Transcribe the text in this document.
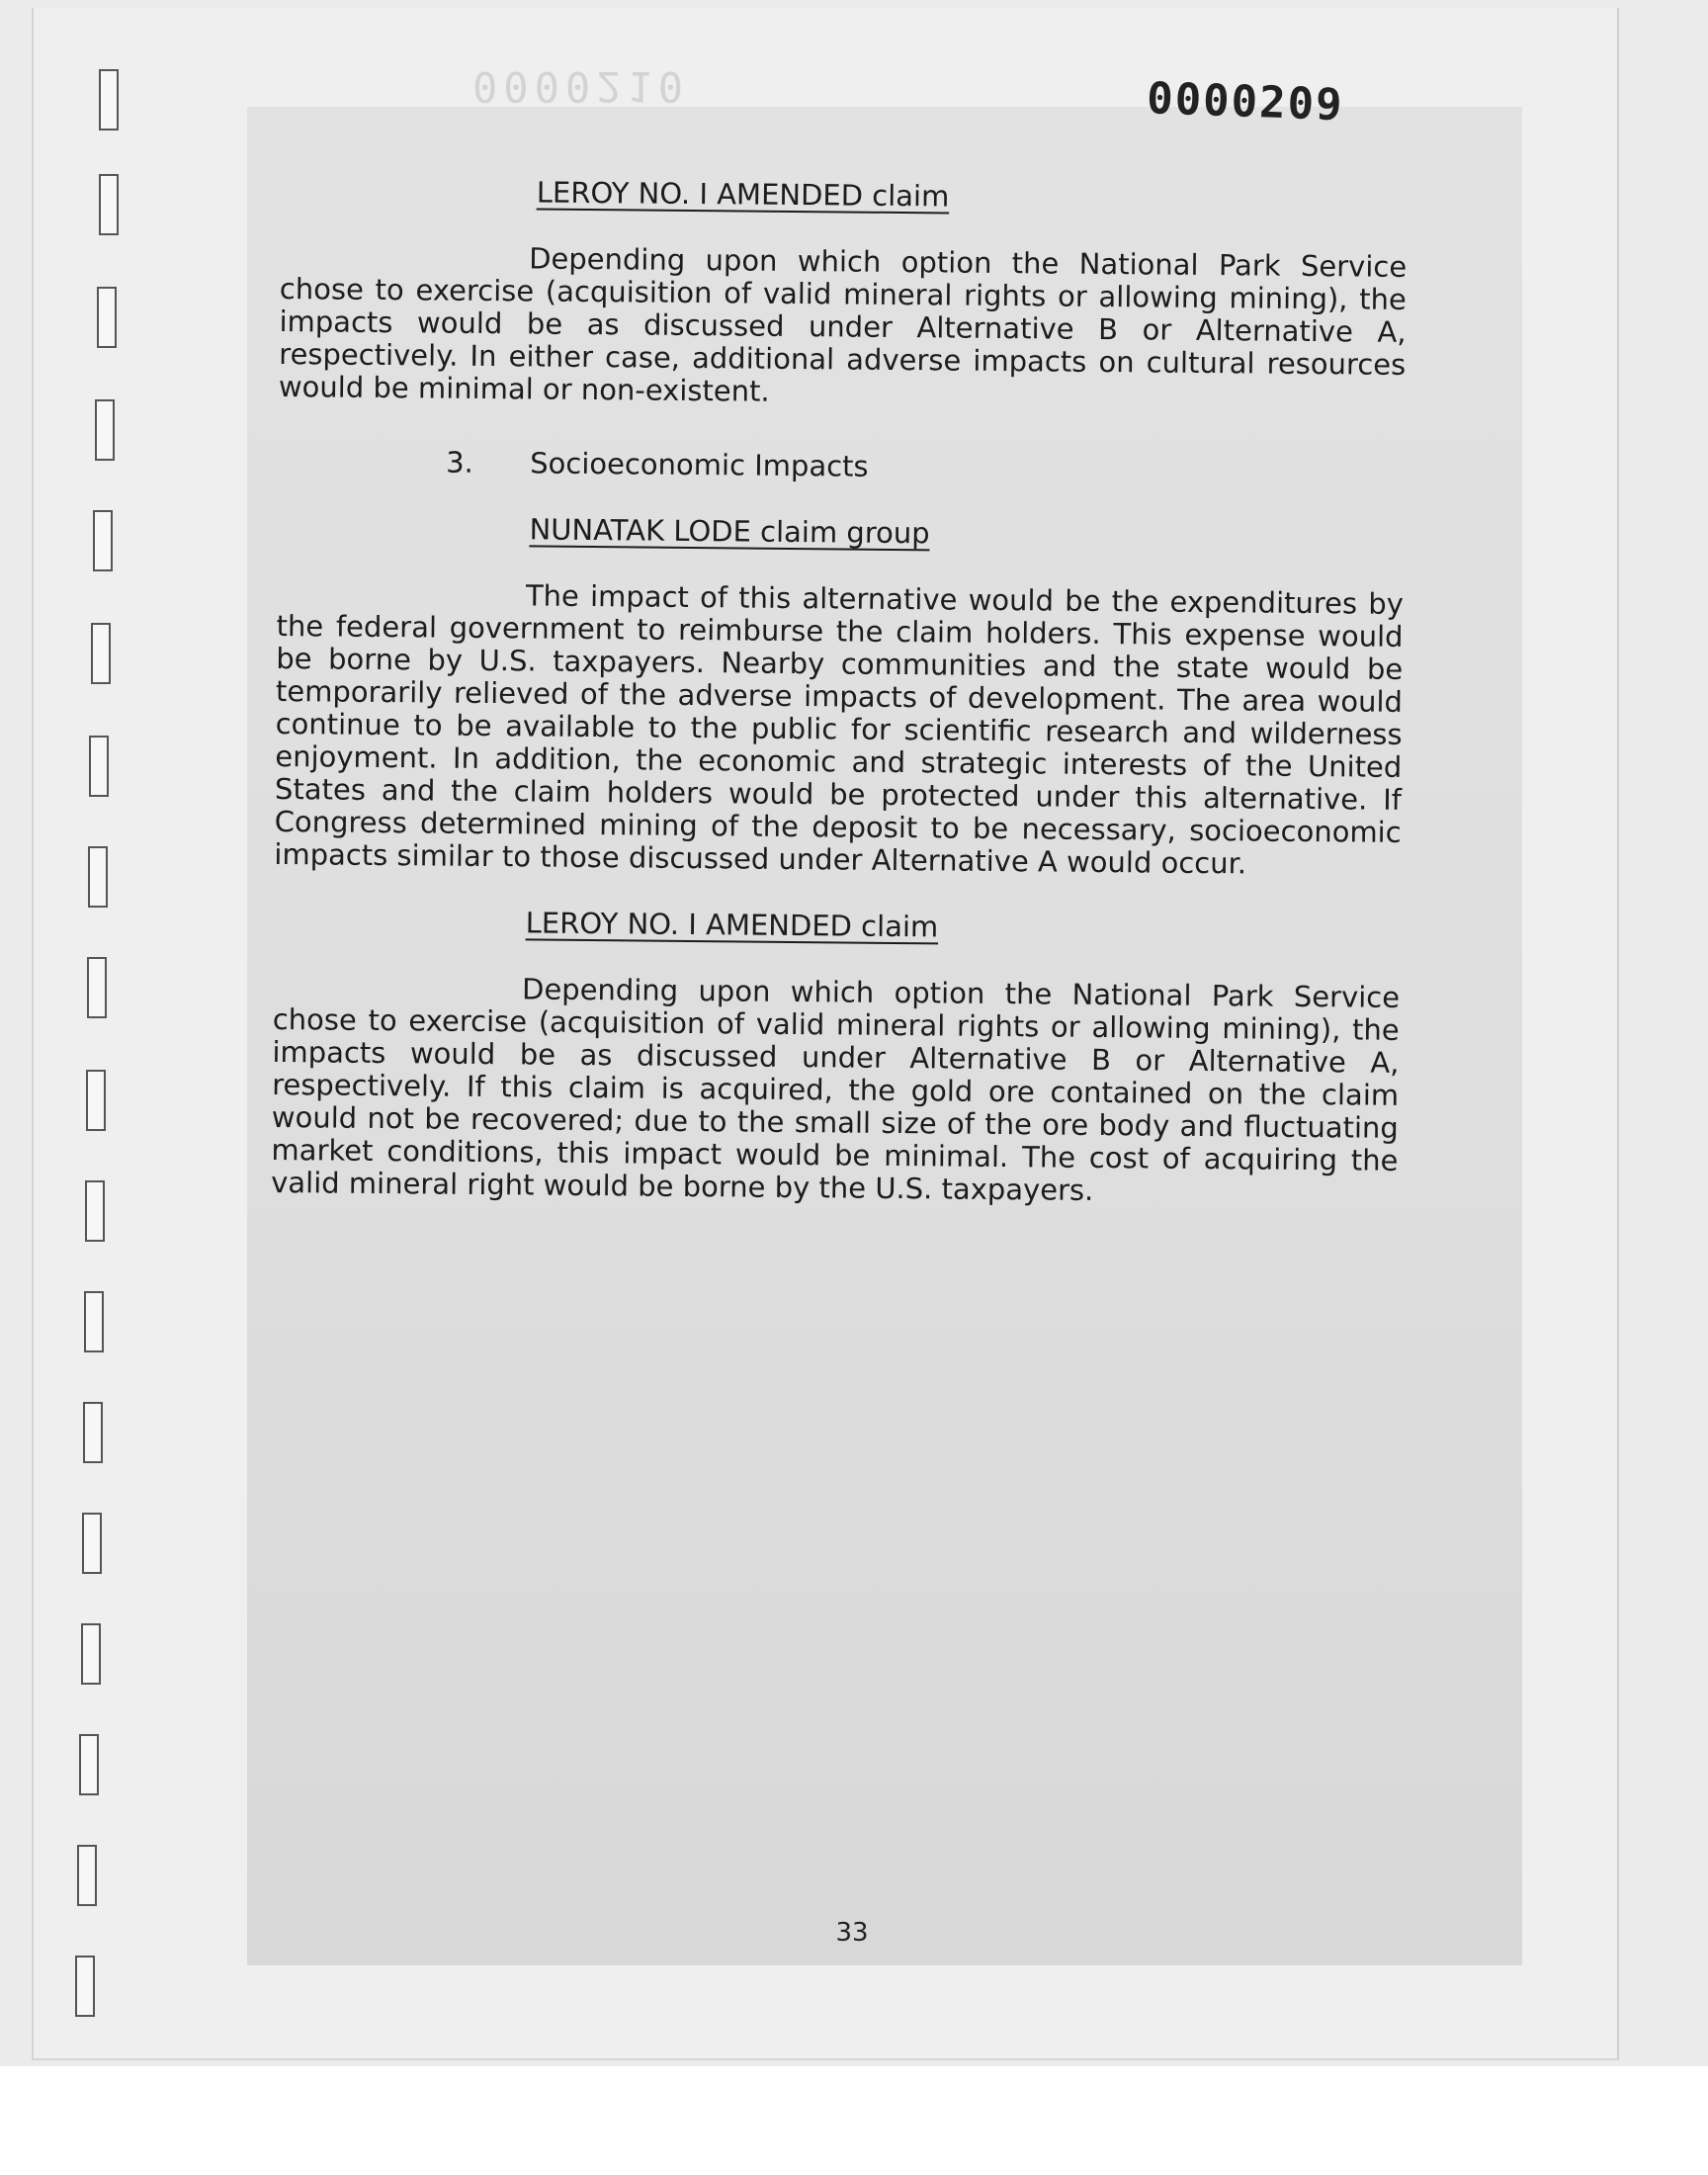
0000210	0000209
LEROY NO. I AMENDED claim

Depending upon which option the National Park Service chose to exercise (acquisition of valid mineral rights or allowing mining), the impacts would be as discussed under Alternative B or Alternative A, respectively. In either case, additional adverse impacts on cultural resources would be minimal or non-existent.

3.	Socioeconomic Impacts
NUNATAK LODE claim group

The impact of this alternative would be the expenditures by the federal government to reimburse the claim holders. This expense would be borne by U.S. taxpayers. Nearby communities and the state would be temporarily relieved of the adverse impacts of development. The area would continue to be available to the public for scientific research and wilderness enjoyment. In addition, the economic and strategic interests of the United States and the claim holders would be protected under this alternative. If Congress determined mining of the deposit to be necessary, socioeconomic impacts similar to those discussed under Alternative A would occur.

LEROY NO. I AMENDED claim

Depending upon which option the National Park Service chose to exercise (acquisition of valid mineral rights or allowing mining), the impacts would be as discussed under Alternative B or Alternative A, respectively. If this claim is acquired, the gold ore contained on the claim would not be recovered; due to the small size of the ore body and fluctuating market conditions, this impact would be minimal. The cost of acquiring the valid mineral right would be borne by the U.S. taxpayers.

33
